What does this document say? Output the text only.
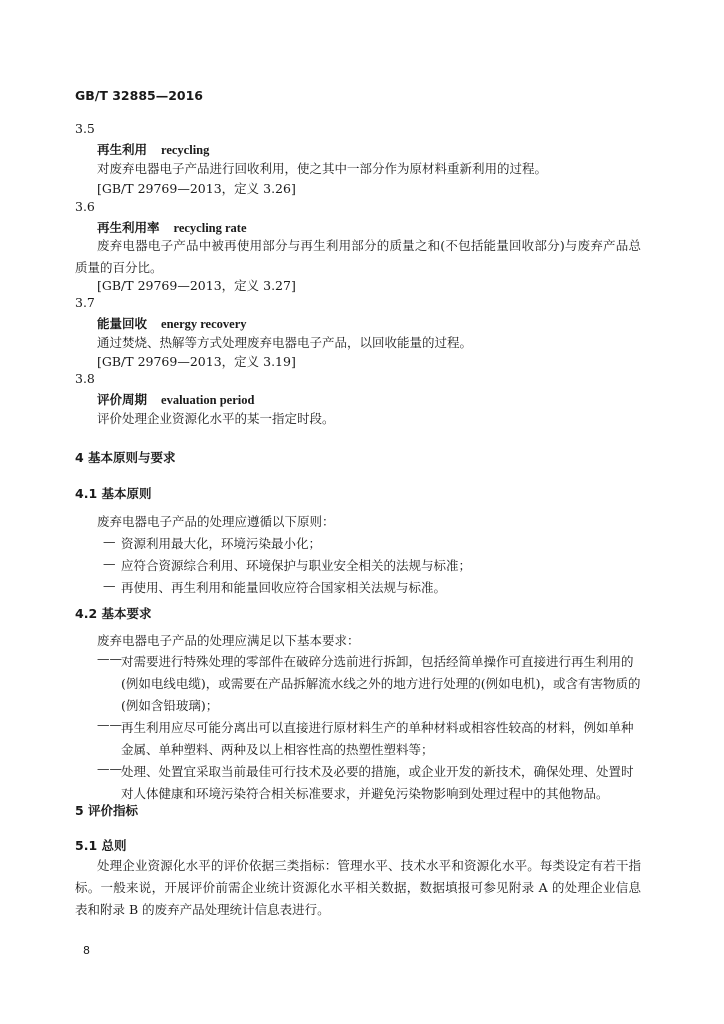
GB/T 32885—2016
3.5
再生利用 recycling
对废弃电器电子产品进行回收利用，使之其中一部分作为原材料重新利用的过程。
[GB/T 29769—2013，定义 3.26]
3.6
再生利用率 recycling rate
废弃电器电子产品中被再使用部分与再生利用部分的质量之和(不包括能量回收部分)与废弃产品总质量的百分比。
[GB/T 29769—2013，定义 3.27]
3.7
能量回收 energy recovery
通过焚烧、热解等方式处理废弃电器电子产品，以回收能量的过程。
[GB/T 29769—2013，定义 3.19]
3.8
评价周期 evaluation period
评价处理企业资源化水平的某一指定时段。
4 基本原则与要求
4.1 基本原则
废弃电器电子产品的处理应遵循以下原则：
— 资源利用最大化，环境污染最小化；
— 应符合资源综合利用、环境保护与职业安全相关的法规与标准；
— 再使用、再生利用和能量回收应符合国家相关法规与标准。
4.2 基本要求
废弃电器电子产品的处理应满足以下基本要求：
—— 对需要进行特殊处理的零部件在破碎分选前进行拆卸，包括经简单操作可直接进行再生利用的(例如电线电缆)，或需要在产品拆解流水线之外的地方进行处理的(例如电机)，或含有害物质的(例如含铅玻璃)；
—— 再生利用应尽可能分离出可以直接进行原材料生产的单种材料或相容性较高的材料，例如单种金属、单种塑料、两种及以上相容性高的热塑性塑料等；
—— 处理、处置宜采取当前最佳可行技术及必要的措施，或企业开发的新技术，确保处理、处置时对人体健康和环境污染符合相关标准要求，并避免污染物影响到处理过程中的其他物品。
5 评价指标
5.1 总则
处理企业资源化水平的评价依据三类指标：管理水平、技术水平和资源化水平。每类设定有若干指标。一般来说，开展评价前需企业统计资源化水平相关数据，数据填报可参见附录 A 的处理企业信息表和附录 B 的废弃产品处理统计信息表进行。
8
